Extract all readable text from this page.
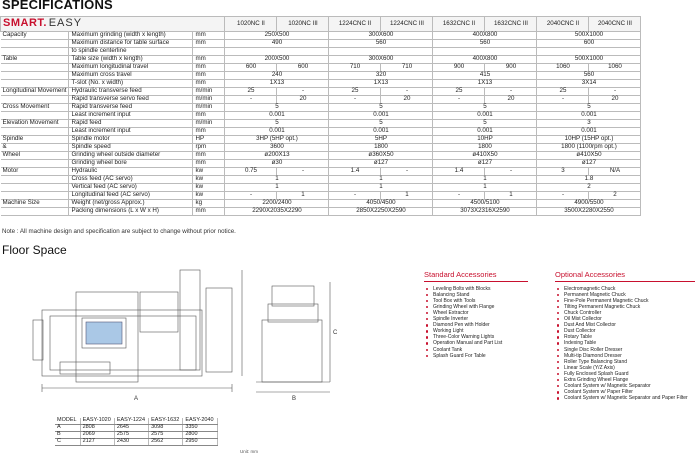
SPECIFICATIONS
SMART. EASY			1020NC II	1020NC III	1224CNC II	1224CNC III	1632CNC II	1632CNC III	2040CNC II	2040CNC III
Capacity	Maximum grinding (width x length)	mm	250X500		300X600		400X800		500X1000	
	Maximum distance for table surface	mm	490		560		560		600	
	to spindle centerline									
Table	Table size (width x length)	mm	200X500		300X600		400X800		500X1000	
	Maximum longitudinal travel	mm	600	600	710	710	900	900	1060	1060
	Maximum cross travel	mm	240		320		415		560	
	T-slot (No. x width)	mm	1X13		1X13		1X13		3X14	
Longitudinal Movement	Hydraulic transverse feed	m/min	25	-	25	-	25	-	25	-
	Rapid transverse servo feed	m/min	-	20	-	20	-	20	-	20
Cross Movement	Rapid transverse feed	m/min	5		5		5		5	
	Least increment input	mm	0.001		0.001		0.001		0.001	
Elevation Movement	Rapid feed	m/min	5		5		5		3	
	Least increment input	mm	0.001		0.001		0.001		0.001	
Spindle	Spindle motor	HP	3HP (5HP opt.)		5HP		10HP		10HP (15HP opt.)	
&	Spindle speed	rpm	3600		1800		1800		1800 (1100rpm opt.)	
Wheel	Grinding wheel outside diameter	mm	ø200X13		ø360X50		ø410X50		ø410X50	
	Grinding wheel bore	mm	ø30		ø127		ø127		ø127	
Motor	Hydraulic	kw	0.75	-	1.4	-	1.4	-	3	N/A
	Cross feed (AC servo)	kw	1		1		1		1.8	
	Vertical feed (AC servo)	kw	1		1		1		2	
	Longitudinal feed (AC servo)	kw	-	1	-	1	-	1	-	2
Machine Size	Weight (net/gross Approx.)	kg	2200/2400		4050/4500		4500/5100		4900/5500	
	Packing dimensions (L x W x H)	mm	2290X2035X2290		2850X2250X2590		3073X2316X2590		3500X2280X2550	
Note : All machine design and specification are subject to change without prior notice.
Floor Space
A	B
C
MODEL	EASY-1020	EASY-1224	EASY-1632	EASY-2040
A	2808	2645	3098	3350
B	2069	2575	2575	2800
C	2127	2430	2562	2950
Unit: mm
Standard Accessories
Leveling Bolts with Blocks
Balancing Stand
Tool Box with Tools
Grinding Wheel with Flange
Wheel Extractor
Spindle Inverter
Diamond Pen with Holder
Working Light
Three-Color Warning Lights
Operation Manual and Part List
Coolant Tank
Splash Guard For Table
Optional Accessories
Electromagnetic Chuck
Permanent Magnetic Chuck
Fine-Pole Permanent Magnetic Chuck
Tilting Permanent Magnetic Chuck
Chuck Controller
Oil Mist Collector
Dust And Mist Collector
Dust Collector
Rotary Table
Indexing Table
Single Disc Roller Dresser
Multi-tip Diamond Dresser
Roller Type Balancing Stand
Linear Scale (Y/Z Axis)
Fully Enclosed Splash Guard
Extra Grinding Wheel Flange
Coolant System w/ Magnetic Separator
Coolant System w/ Paper Filter
Coolant System w/ Magnetic Separator and Paper Filter
